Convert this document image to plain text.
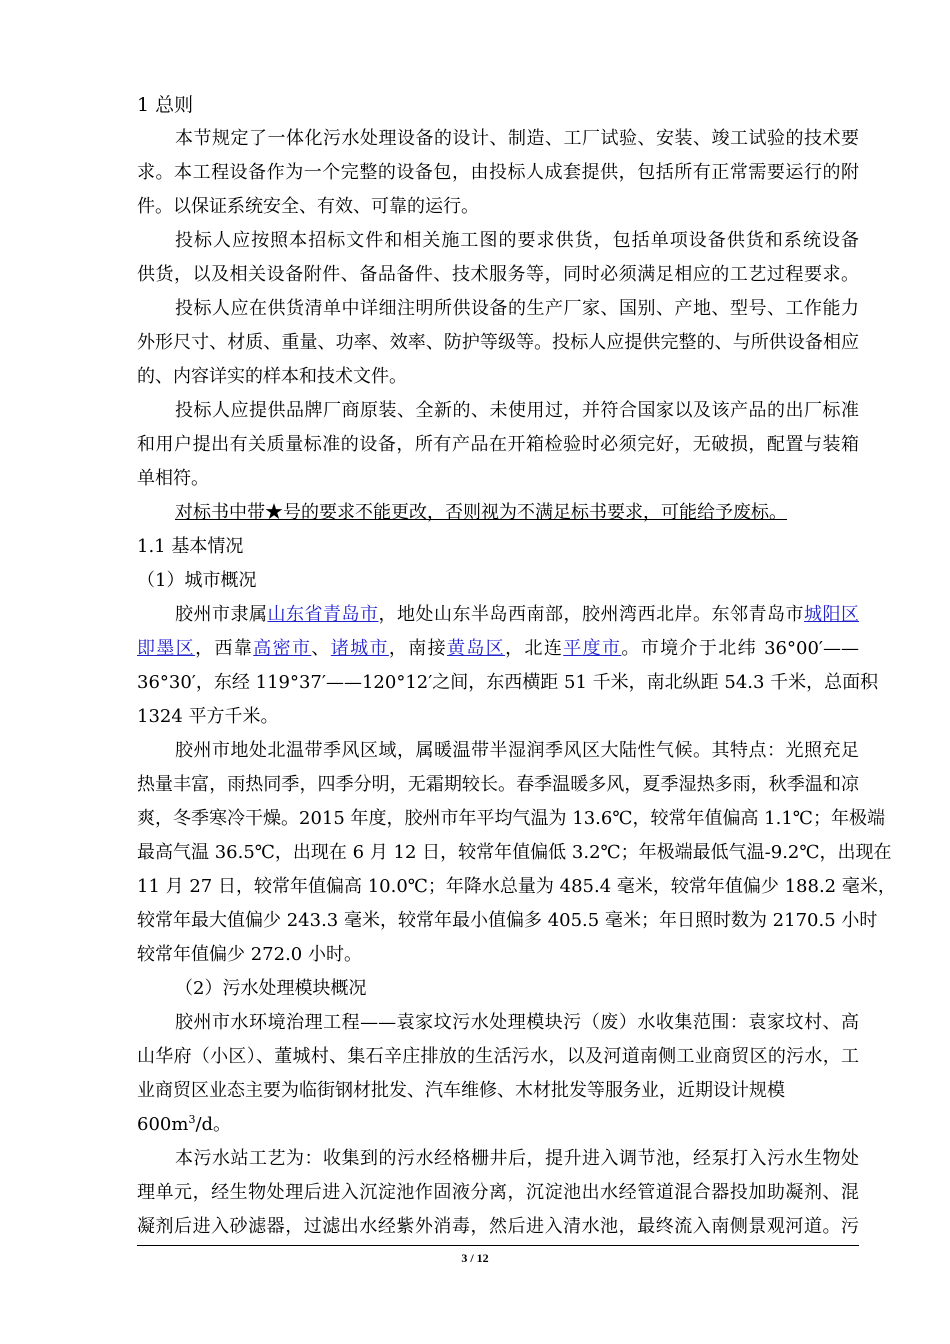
1 总则
本节规定了一体化污水处理设备的设计、制造、工厂试验、安装、竣工试验的技术要
求。本工程设备作为一个完整的设备包，由投标人成套提供，包括所有正常需要运行的附
件。以保证系统安全、有效、可靠的运行。
投标人应按照本招标文件和相关施工图的要求供货，包括单项设备供货和系统设备
供货，以及相关设备附件、备品备件、技术服务等，同时必须满足相应的工艺过程要求。
投标人应在供货清单中详细注明所供设备的生产厂家、国别、产地、型号、工作能力
外形尺寸、材质、重量、功率、效率、防护等级等。投标人应提供完整的、与所供设备相应
的、内容详实的样本和技术文件。
投标人应提供品牌厂商原装、全新的、未使用过，并符合国家以及该产品的出厂标准
和用户提出有关质量标准的设备，所有产品在开箱检验时必须完好，无破损，配置与装箱
单相符。
对标书中带★号的要求不能更改，否则视为不满足标书要求，可能给予废标。
1.1 基本情况
（1）城市概况
胶州市隶属山东省青岛市，地处山东半岛西南部，胶州湾西北岸。东邻青岛市城阳区
即墨区，西靠高密市、诸城市，南接黄岛区，北连平度市。市境介于北纬 36°00′——
36°30′，东经 119°37′——120°12′之间，东西横距 51 千米，南北纵距 54.3 千米，总面积
1324 平方千米。
胶州市地处北温带季风区域，属暖温带半湿润季风区大陆性气候。其特点：光照充足
热量丰富，雨热同季，四季分明，无霜期较长。春季温暖多风，夏季湿热多雨，秋季温和凉
爽，冬季寒冷干燥。2015 年度，胶州市年平均气温为 13.6℃，较常年值偏高 1.1℃；年极端
最高气温 36.5℃，出现在 6 月 12 日，较常年值偏低 3.2℃；年极端最低气温-9.2℃，出现在
11 月 27 日，较常年值偏高 10.0℃；年降水总量为 485.4 毫米，较常年值偏少 188.2 毫米，
较常年最大值偏少 243.3 毫米，较常年最小值偏多 405.5 毫米；年日照时数为 2170.5 小时
较常年值偏少 272.0 小时。
（2）污水处理模块概况
胶州市水环境治理工程——袁家坟污水处理模块污（废）水收集范围：袁家坟村、高
山华府（小区）、董城村、集石辛庄排放的生活污水，以及河道南侧工业商贸区的污水，工
业商贸区业态主要为临街钢材批发、汽车维修、木材批发等服务业，近期设计规模
$600m^3/d$。
本污水站工艺为：收集到的污水经格栅井后，提升进入调节池，经泵打入污水生物处
理单元，经生物处理后进入沉淀池作固液分离，沉淀池出水经管道混合器投加助凝剂、混
凝剂后进入砂滤器，过滤出水经紫外消毒，然后进入清水池，最终流入南侧景观河道。污
3 / 12
